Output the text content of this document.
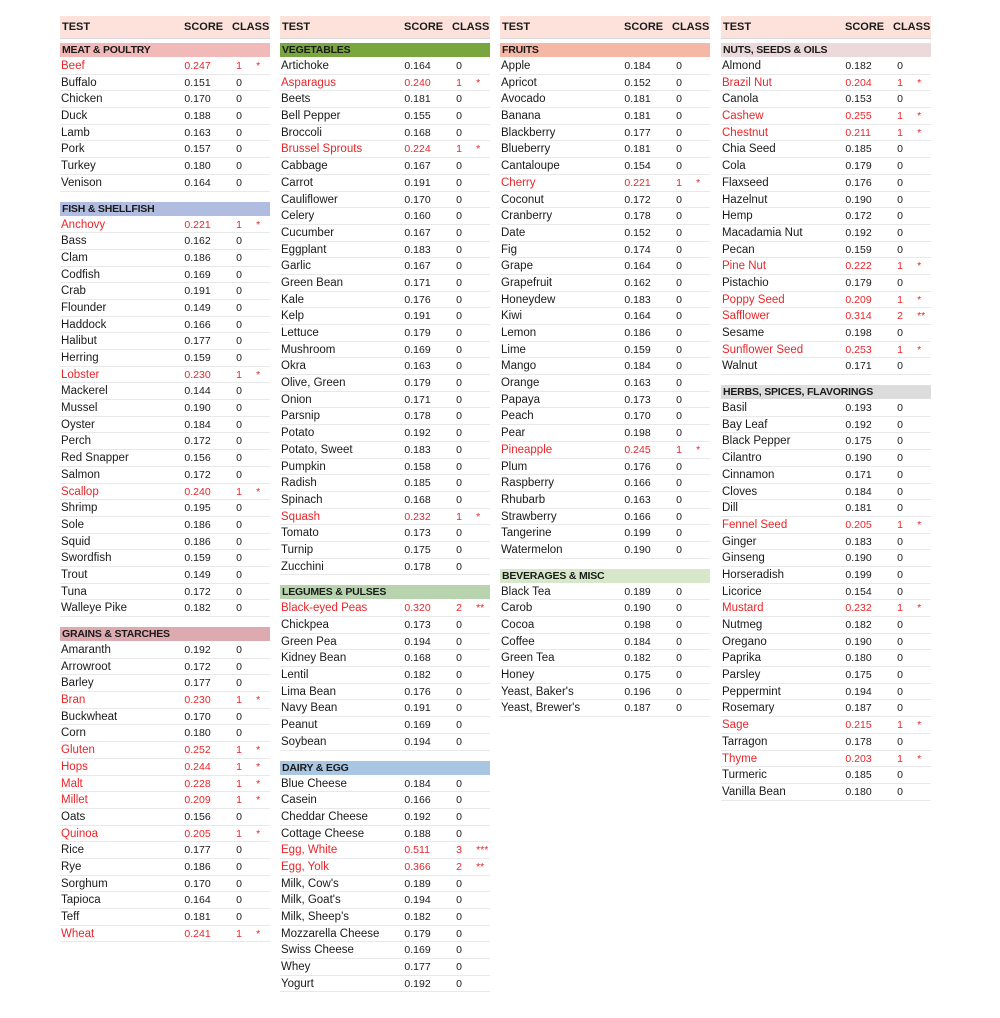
TEST	SCORE CLASS
MEAT & POULTRY
Beef	0.247	1	*
Buffalo	0.151	0
Chicken	0.170	0
Duck	0.188	0
Lamb	0.163	0
Pork	0.157	0
Turkey	0.180	0
Venison	0.164	0
FISH & SHELLFISH
Anchovy	0.221	1	*
Bass	0.162	0
Clam	0.186	0
Codfish	0.169	0
Crab	0.191	0
Flounder	0.149	0
Haddock	0.166	0
Halibut	0.177	0
Herring	0.159	0
Lobster	0.230	1	*
Mackerel	0.144	0
Mussel	0.190	0
Oyster	0.184	0
Perch	0.172	0
Red Snapper	0.156	0
Salmon	0.172	0
Scallop	0.240	1	*
Shrimp	0.195	0
Sole	0.186	0
Squid	0.186	0
Swordfish	0.159	0
Trout	0.149	0
Tuna	0.172	0
Walleye Pike	0.182	0
GRAINS & STARCHES
Amaranth	0.192	0
Arrowroot	0.172	0
Barley	0.177	0
Bran	0.230	1	*
Buckwheat	0.170	0
Corn	0.180	0
Gluten	0.252	1	*
Hops	0.244	1	*
Malt	0.228	1	*
Millet	0.209	1	*
Oats	0.156	0
Quinoa	0.205	1	*
Rice	0.177	0
Rye	0.186	0
Sorghum	0.170	0
Tapioca	0.164	0
Teff	0.181	0
Wheat	0.241	1	*
TEST	SCORE CLASS
VEGETABLES
Artichoke	0.164	0
Asparagus	0.240	1	*
Beets	0.181	0
Bell Pepper	0.155	0
Broccoli	0.168	0
Brussel Sprouts	0.224	1	*
Cabbage	0.167	0
Carrot	0.191	0
Cauliflower	0.170	0
Celery	0.160	0
Cucumber	0.167	0
Eggplant	0.183	0
Garlic	0.167	0
Green Bean	0.171	0
Kale	0.176	0
Kelp	0.191	0
Lettuce	0.179	0
Mushroom	0.169	0
Okra	0.163	0
Olive, Green	0.179	0
Onion	0.171	0
Parsnip	0.178	0
Potato	0.192	0
Potato, Sweet	0.183	0
Pumpkin	0.158	0
Radish	0.185	0
Spinach	0.168	0
Squash	0.232	1	*
Tomato	0.173	0
Turnip	0.175	0
Zucchini	0.178	0
LEGUMES & PULSES
Black-eyed Peas	0.320	2	**
Chickpea	0.173	0
Green Pea	0.194	0
Kidney Bean	0.168	0
Lentil	0.182	0
Lima Bean	0.176	0
Navy Bean	0.191	0
Peanut	0.169	0
Soybean	0.194	0
DAIRY & EGG
Blue Cheese	0.184	0
Casein	0.166	0
Cheddar Cheese	0.192	0
Cottage Cheese	0.188	0
Egg, White	0.511	3	***
Egg, Yolk	0.366	2	**
Milk, Cow's	0.189	0
Milk, Goat's	0.194	0
Milk, Sheep's	0.182	0
Mozzarella Cheese	0.179	0
Swiss Cheese	0.169	0
Whey	0.177	0
Yogurt	0.192	0
TEST	SCORE CLASS
FRUITS
Apple	0.184	0
Apricot	0.152	0
Avocado	0.181	0
Banana	0.181	0
Blackberry	0.177	0
Blueberry	0.181	0
Cantaloupe	0.154	0
Cherry	0.221	1	*
Coconut	0.172	0
Cranberry	0.178	0
Date	0.152	0
Fig	0.174	0
Grape	0.164	0
Grapefruit	0.162	0
Honeydew	0.183	0
Kiwi	0.164	0
Lemon	0.186	0
Lime	0.159	0
Mango	0.184	0
Orange	0.163	0
Papaya	0.173	0
Peach	0.170	0
Pear	0.198	0
Pineapple	0.245	1	*
Plum	0.176	0
Raspberry	0.166	0
Rhubarb	0.163	0
Strawberry	0.166	0
Tangerine	0.199	0
Watermelon	0.190	0
BEVERAGES & MISC
Black Tea	0.189	0
Carob	0.190	0
Cocoa	0.198	0
Coffee	0.184	0
Green Tea	0.182	0
Honey	0.175	0
Yeast, Baker's	0.196	0
Yeast, Brewer's	0.187	0
TEST	SCORE CLASS
NUTS, SEEDS & OILS
Almond	0.182	0
Brazil Nut	0.204	1	*
Canola	0.153	0
Cashew	0.255	1	*
Chestnut	0.211	1	*
Chia Seed	0.185	0
Cola	0.179	0
Flaxseed	0.176	0
Hazelnut	0.190	0
Hemp	0.172	0
Macadamia Nut	0.192	0
Pecan	0.159	0
Pine Nut	0.222	1	*
Pistachio	0.179	0
Poppy Seed	0.209	1	*
Safflower	0.314	2	**
Sesame	0.198	0
Sunflower Seed	0.253	1	*
Walnut	0.171	0
HERBS, SPICES, FLAVORINGS
Basil	0.193	0
Bay Leaf	0.192	0
Black Pepper	0.175	0
Cilantro	0.190	0
Cinnamon	0.171	0
Cloves	0.184	0
Dill	0.181	0
Fennel Seed	0.205	1	*
Ginger	0.183	0
Ginseng	0.190	0
Horseradish	0.199	0
Licorice	0.154	0
Mustard	0.232	1	*
Nutmeg	0.182	0
Oregano	0.190	0
Paprika	0.180	0
Parsley	0.175	0
Peppermint	0.194	0
Rosemary	0.187	0
Sage	0.215	1	*
Tarragon	0.178	0
Thyme	0.203	1	*
Turmeric	0.185	0
Vanilla Bean	0.180	0
